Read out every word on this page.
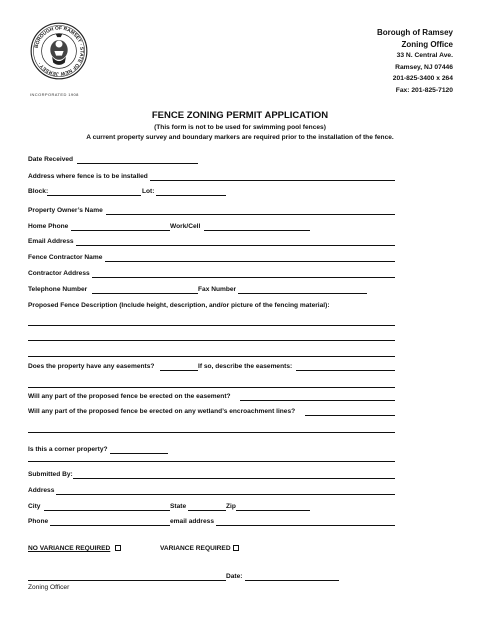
BOROUGH OF RAMSEY · STATE OF NEW JERSEY ·
INCORPORATED 1908
Borough of Ramsey
Zoning Office
33 N. Central Ave.
Ramsey, NJ 07446
201-825-3400 x 264
Fax: 201-825-7120
FENCE ZONING PERMIT APPLICATION
(This form is not to be used for swimming pool fences)
A current property survey and boundary markers are required prior to the installation of the fence.
Date Received
Address where fence is to be installed
Block:	Lot:
Property Owner’s Name
Home Phone	Work/Cell
Email Address
Fence Contractor Name
Contractor Address
Telephone Number	Fax Number
Proposed Fence Description (Include height, description, and/or picture of the fencing material):
Does the property have any easements?	If so, describe the easements:
Will any part of the proposed fence be erected on the easement?
Will any part of the proposed fence be erected on any wetland’s encroachment lines?
Is this a corner property?
Submitted By:
Address
City	State	Zip
Phone	email address
NO VARIANCE REQUIRED	VARIANCE REQUIRED
Date:
Zoning Officer
